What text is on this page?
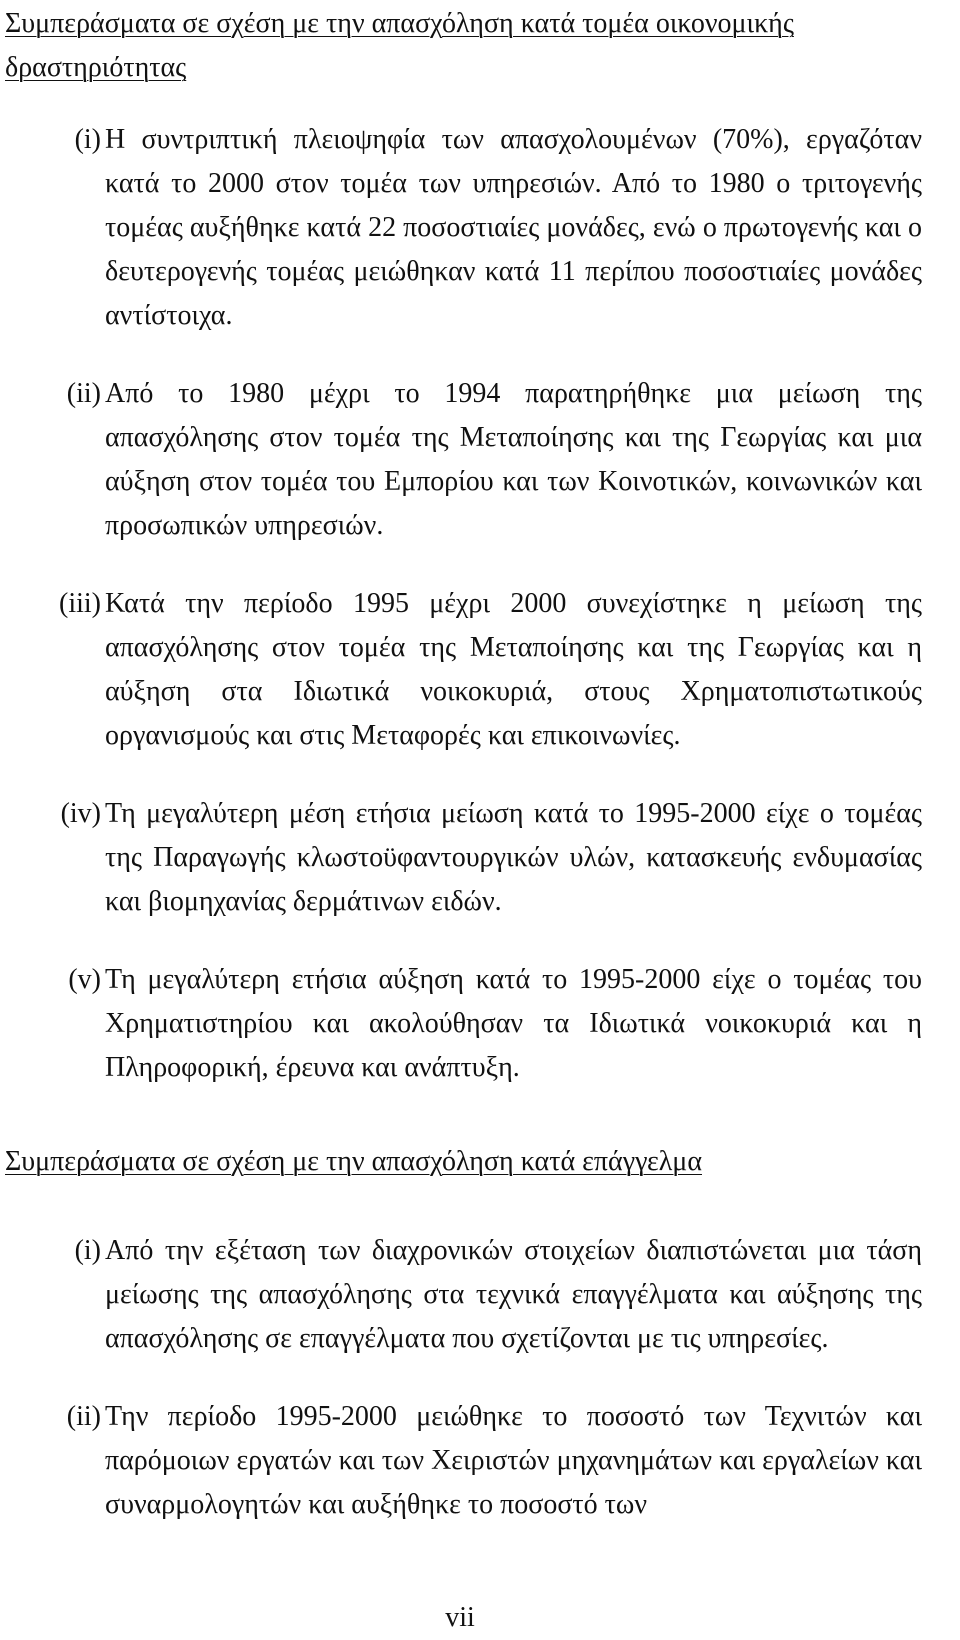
Συμπεράσματα σε σχέση με την απασχόληση κατά τομέα οικονομικής δραστηριότητας
(i) Η συντριπτική πλειοψηφία των απασχολουμένων (70%), εργαζόταν κατά το 2000 στον τομέα των υπηρεσιών. Από το 1980 ο τριτογενής τομέας αυξήθηκε κατά 22 ποσοστιαίες μονάδες, ενώ ο πρωτογενής και ο δευτερογενής τομέας μειώθηκαν κατά 11 περίπου ποσοστιαίες μονάδες αντίστοιχα.
(ii) Από το 1980 μέχρι το 1994 παρατηρήθηκε μια μείωση της απασχόλησης στον τομέα της Μεταποίησης και της Γεωργίας και μια αύξηση στον τομέα του Εμπορίου και των Κοινοτικών, κοινωνικών και προσωπικών υπηρεσιών.
(iii) Κατά την περίοδο 1995 μέχρι 2000 συνεχίστηκε η μείωση της απασχόλησης στον τομέα της Μεταποίησης και της Γεωργίας και η αύξηση στα Ιδιωτικά νοικοκυριά, στους Χρηματοπιστωτικούς οργανισμούς και στις Μεταφορές και επικοινωνίες.
(iv) Τη μεγαλύτερη μέση ετήσια μείωση κατά το 1995-2000 είχε ο τομέας της Παραγωγής κλωστοϋφαντουργικών υλών, κατασκευής ενδυμασίας και βιομηχανίας δερμάτινων ειδών.
(v) Τη μεγαλύτερη ετήσια αύξηση κατά το 1995-2000 είχε ο τομέας του Χρηματιστηρίου και ακολούθησαν τα Ιδιωτικά νοικοκυριά και η Πληροφορική, έρευνα και ανάπτυξη.
Συμπεράσματα σε σχέση με την απασχόληση κατά επάγγελμα
(i) Από την εξέταση των διαχρονικών στοιχείων διαπιστώνεται μια τάση μείωσης της απασχόλησης στα τεχνικά επαγγέλματα και αύξησης της απασχόλησης σε επαγγέλματα που σχετίζονται με τις υπηρεσίες.
(ii) Την περίοδο 1995-2000 μειώθηκε το ποσοστό των Τεχνιτών και παρόμοιων εργατών και των Χειριστών μηχανημάτων και εργαλείων και συναρμολογητών και αυξήθηκε το ποσοστό των
vii
